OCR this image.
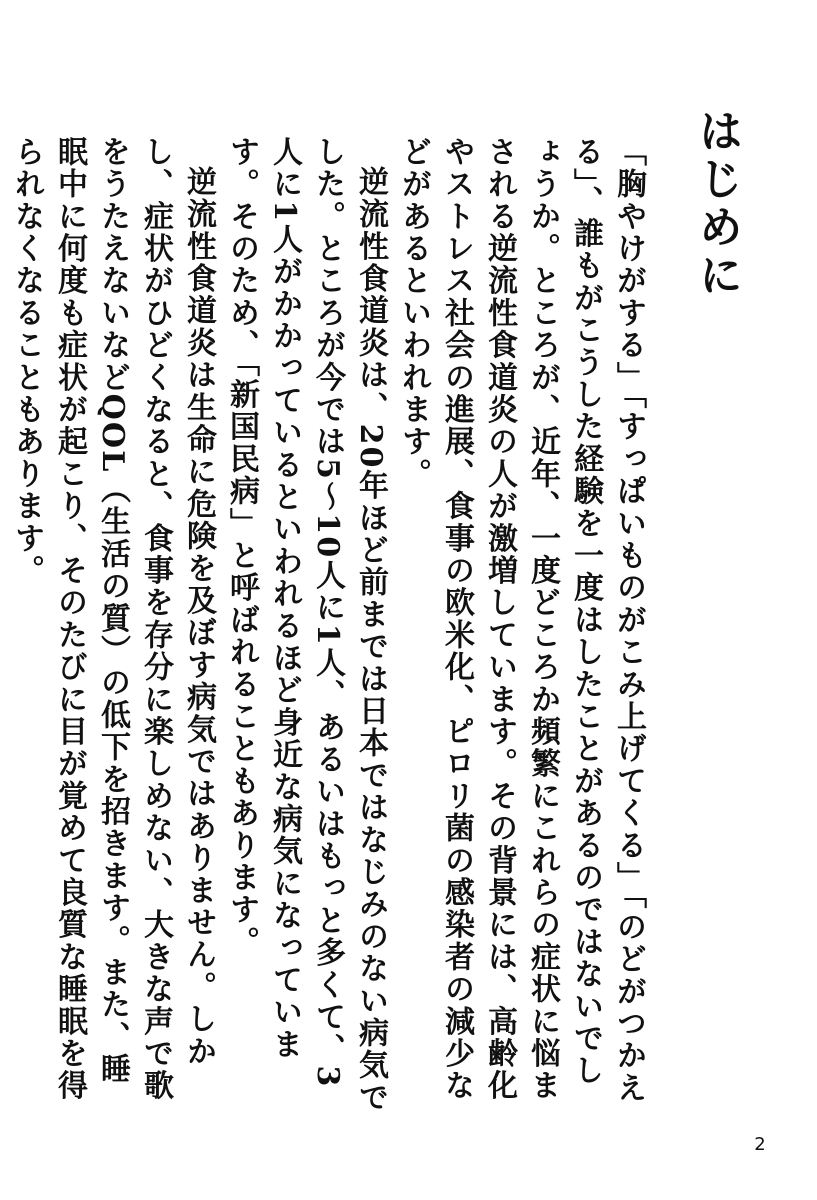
はじめに

「胸やけがする」「すっぱいものがこみ上げてくる」「のどがつかえる」、誰もがこうした経験を一度はしたことがあるのではないでしょうか。ところが、近年、一度どころか頻繁にこれらの症状に悩まされる逆流性食道炎の人が激増しています。その背景には、高齢化やストレス社会の進展、食事の欧米化、ピロリ菌の感染者の減少などがあるといわれます。

逆流性食道炎は、20年ほど前までは日本ではなじみのない病気でした。ところが今では5～10人に1人、あるいはもっと多くて、3人に1人がかかっているといわれるほど身近な病気になっています。そのため、「新国民病」と呼ばれることもあります。

逆流性食道炎は生命に危険を及ぼす病気ではありません。しかし、症状がひどくなると、食事を存分に楽しめない、大きな声で歌をうたえないなどQOL（生活の質）の低下を招きます。また、睡眠中に何度も症状が起こり、そのたびに目が覚めて良質な睡眠を得られなくなることもあります。

2
